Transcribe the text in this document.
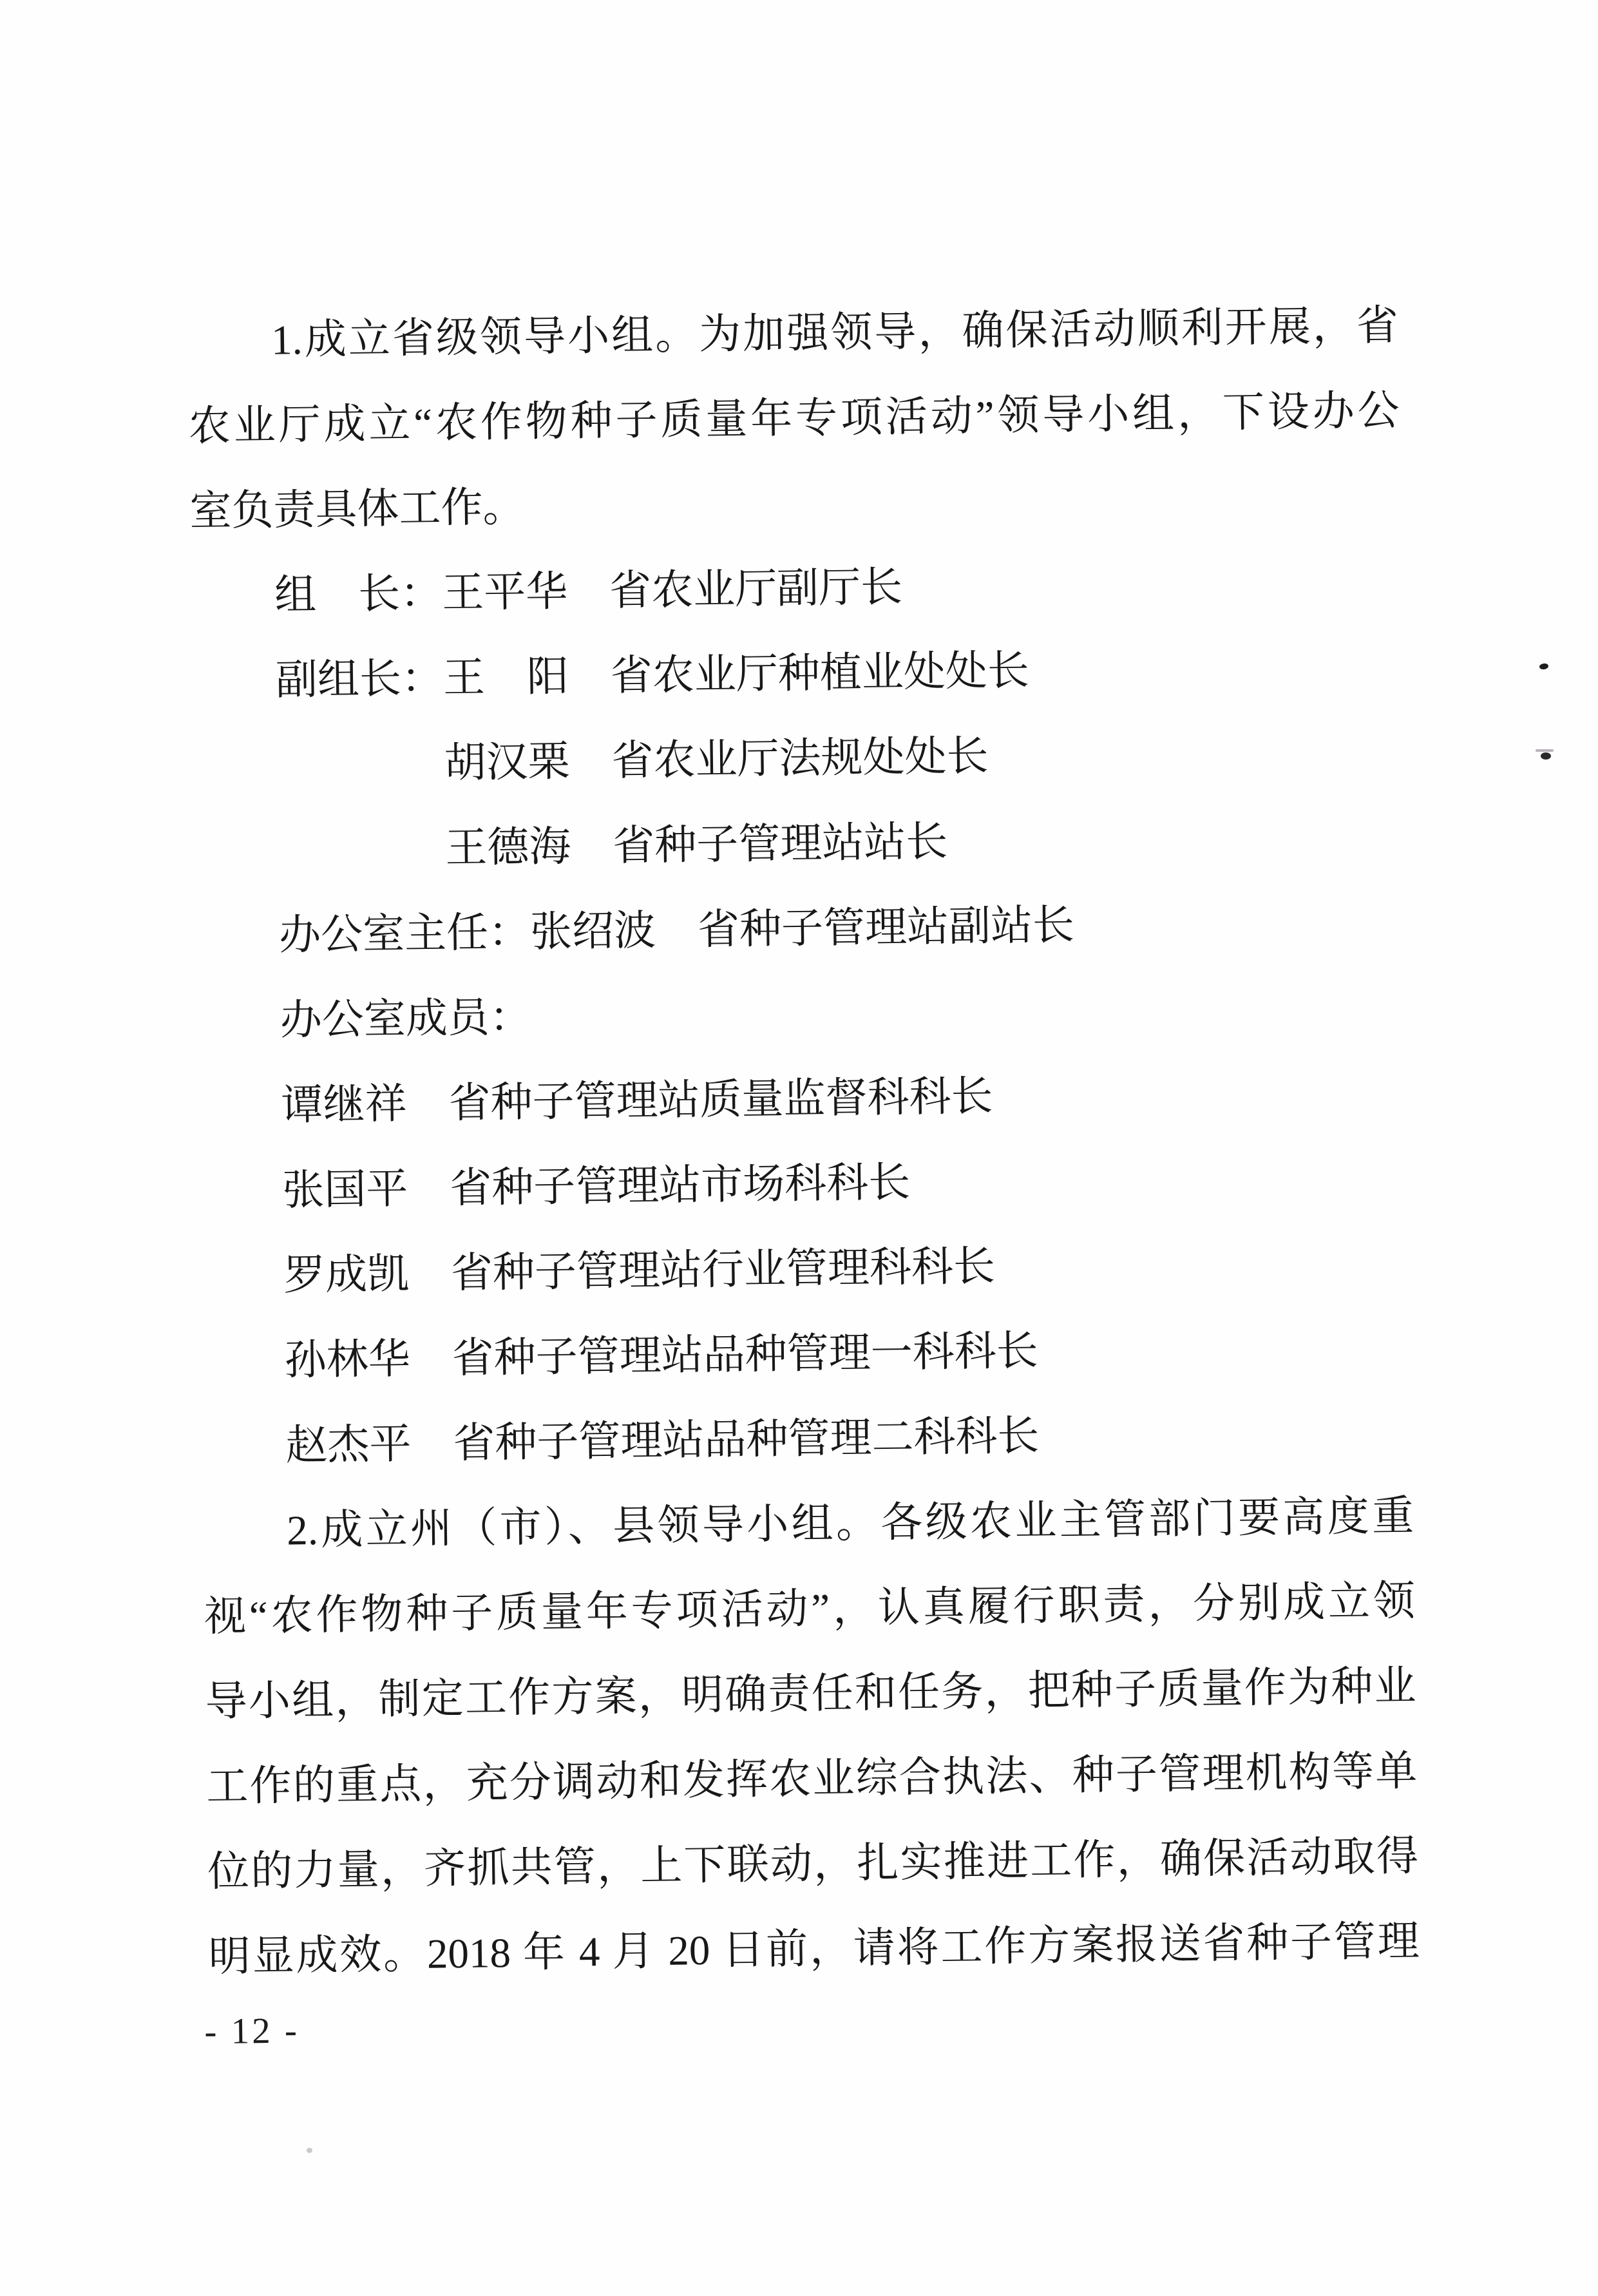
1.成立省级领导小组。为加强领导，确保活动顺利开展，省
农业厅成立“农作物种子质量年专项活动”领导小组，下设办公
室负责具体工作。
组　长：王平华　省农业厅副厅长
副组长：王　阳　省农业厅种植业处处长
胡汉栗　省农业厅法规处处长
王德海　省种子管理站站长
办公室主任：张绍波　省种子管理站副站长
办公室成员：
谭继祥　省种子管理站质量监督科科长
张国平　省种子管理站市场科科长
罗成凯　省种子管理站行业管理科科长
孙林华　省种子管理站品种管理一科科长
赵杰平　省种子管理站品种管理二科科长
2.成立州（市）、县领导小组。各级农业主管部门要高度重
视“农作物种子质量年专项活动”，认真履行职责，分别成立领
导小组，制定工作方案，明确责任和任务，把种子质量作为种业
工作的重点，充分调动和发挥农业综合执法、种子管理机构等单
位的力量，齐抓共管，上下联动，扎实推进工作，确保活动取得
明显成效。2018 年 4 月 20 日前，请将工作方案报送省种子管理
- 12 -
